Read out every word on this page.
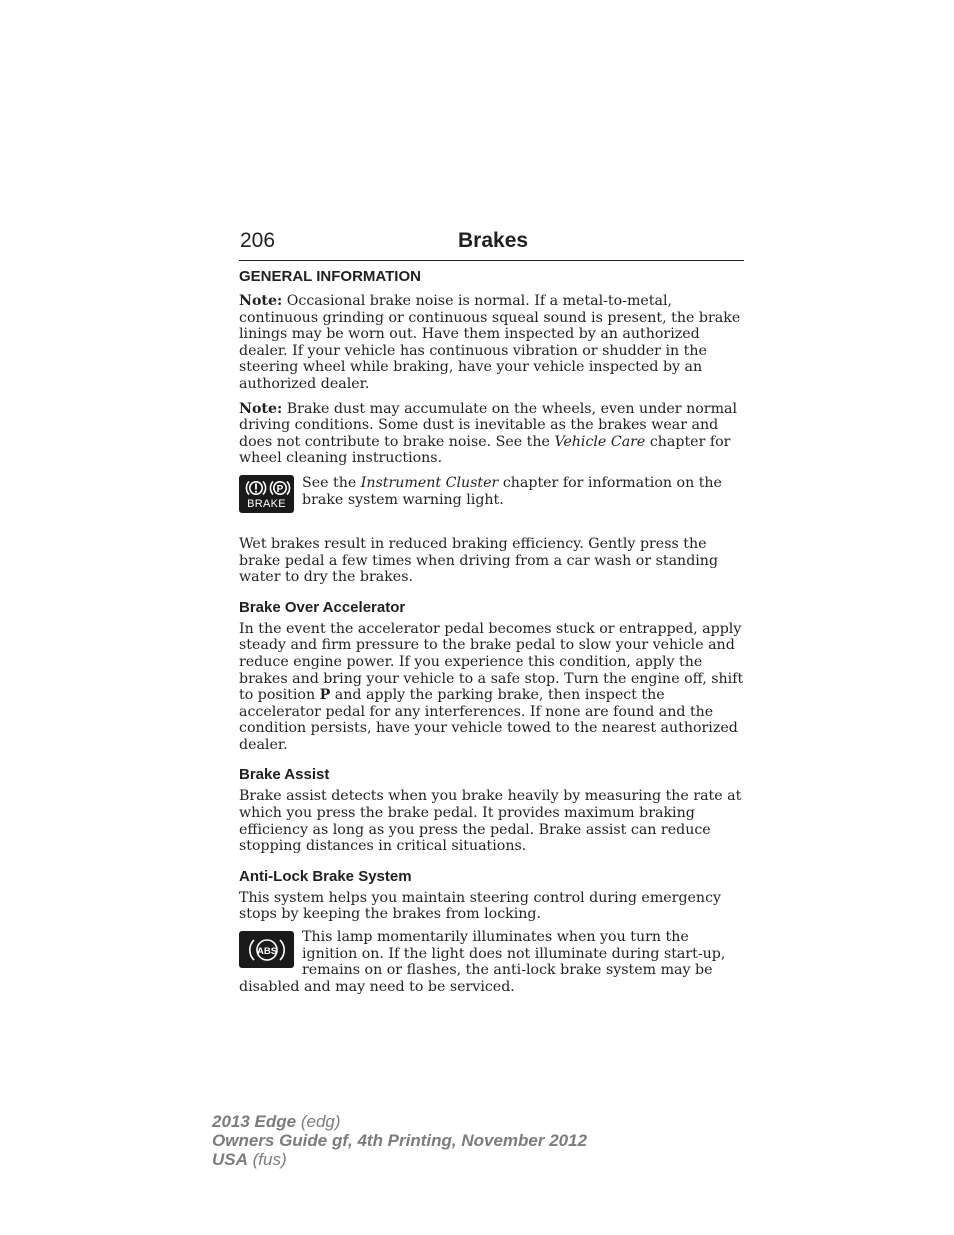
206	Brakes
GENERAL INFORMATION

Note: Occasional brake noise is normal. If a metal-to-metal, continuous grinding or continuous squeal sound is present, the brake linings may be worn out. Have them inspected by an authorized dealer. If your vehicle has continuous vibration or shudder in the steering wheel while braking, have your vehicle inspected by an authorized dealer.

Note: Brake dust may accumulate on the wheels, even under normal driving conditions. Some dust is inevitable as the brakes wear and does not contribute to brake noise. See the Vehicle Care chapter for wheel cleaning instructions.

P
BRAKE

See the Instrument Cluster chapter for information on the brake system warning light.

Wet brakes result in reduced braking efficiency. Gently press the brake pedal a few times when driving from a car wash or standing water to dry the brakes.

Brake Over Accelerator

In the event the accelerator pedal becomes stuck or entrapped, apply steady and firm pressure to the brake pedal to slow your vehicle and reduce engine power. If you experience this condition, apply the brakes and bring your vehicle to a safe stop. Turn the engine off, shift to position P and apply the parking brake, then inspect the accelerator pedal for any interferences. If none are found and the condition persists, have your vehicle towed to the nearest authorized dealer.

Brake Assist

Brake assist detects when you brake heavily by measuring the rate at which you press the brake pedal. It provides maximum braking efficiency as long as you press the pedal. Brake assist can reduce stopping distances in critical situations.

Anti-Lock Brake System

This system helps you maintain steering control during emergency stops by keeping the brakes from locking.

ABS

This lamp momentarily illuminates when you turn the ignition on. If the light does not illuminate during start-up, remains on or flashes, the anti-lock brake system may be disabled and may need to be serviced.

2013 Edge (edg)
Owners Guide gf, 4th Printing, November 2012
USA (fus)
